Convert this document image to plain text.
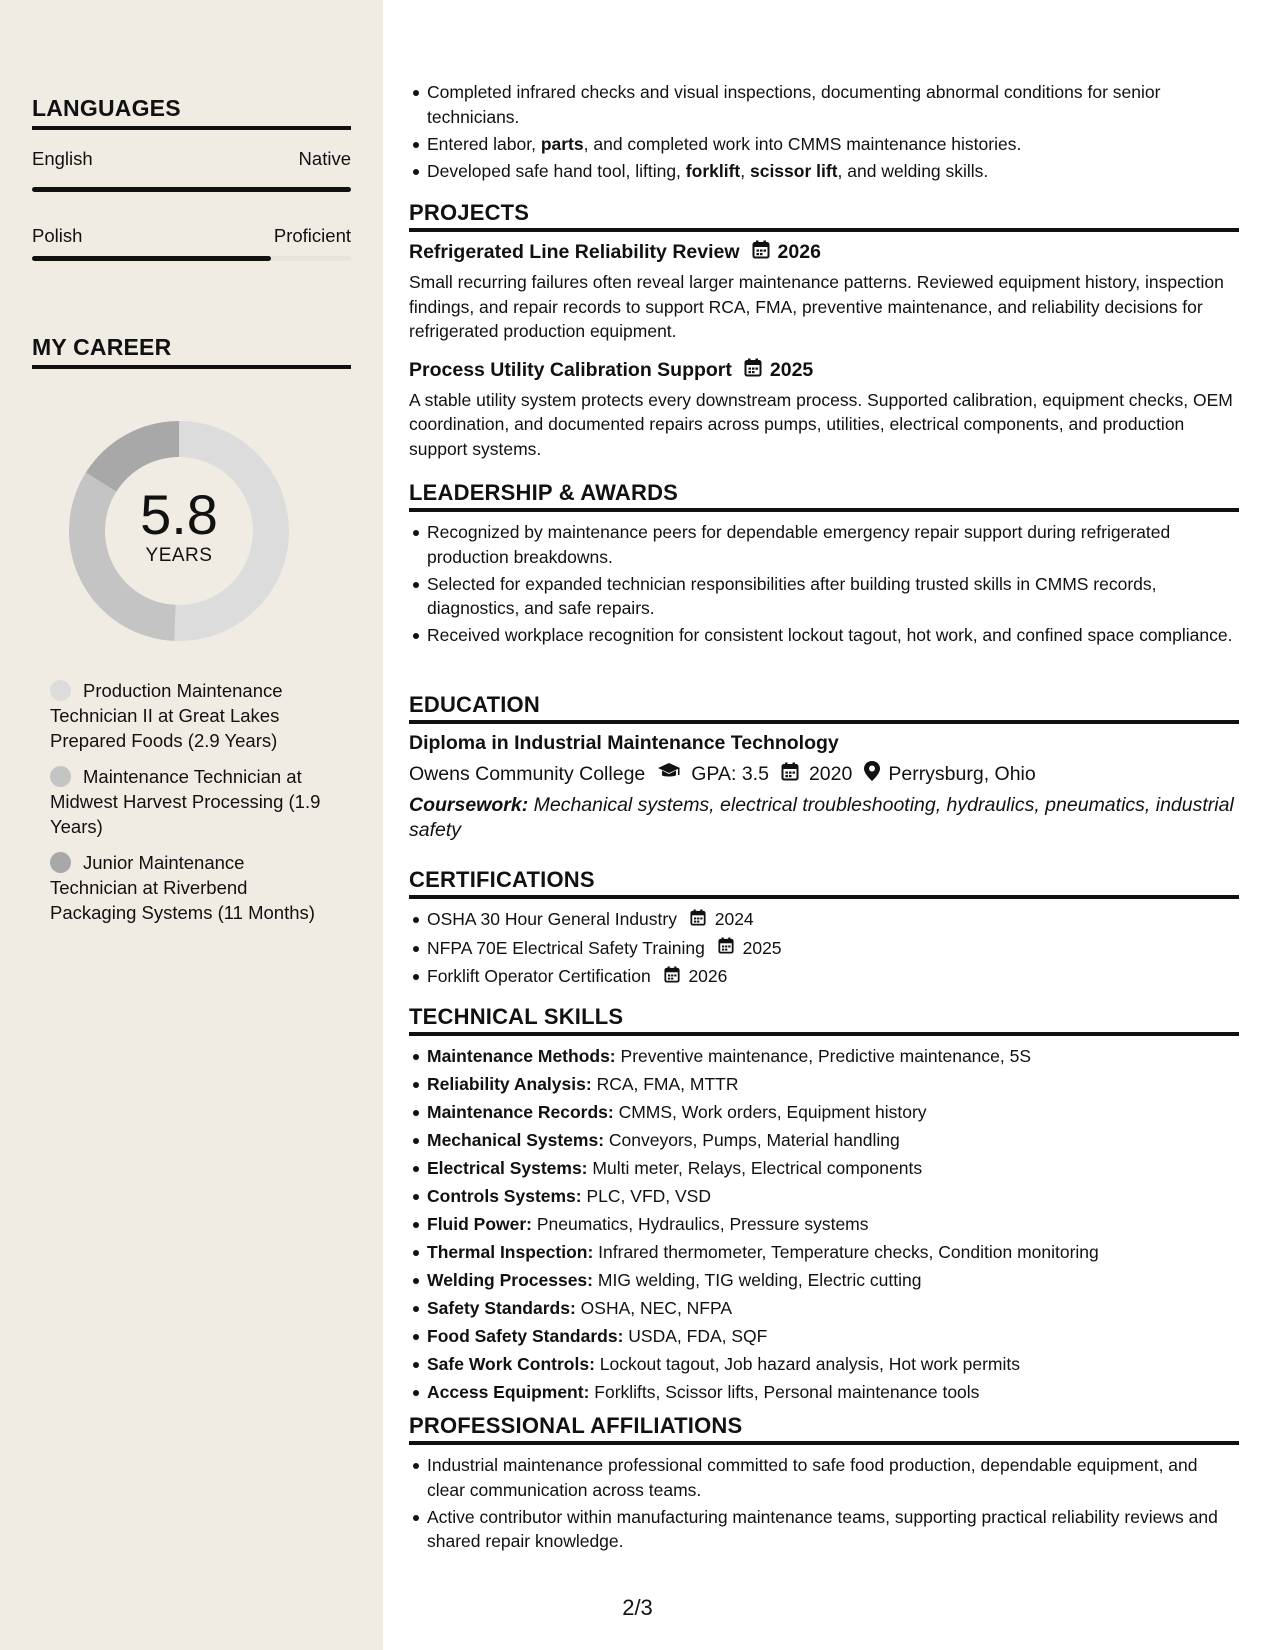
LANGUAGES
English	Native
Polish	Proficient
MY CAREER
5.8
YEARS
Production Maintenance Technician II at Great Lakes Prepared Foods (2.9 Years)
Maintenance Technician at Midwest Harvest Processing (1.9 Years)
Junior Maintenance Technician at Riverbend Packaging Systems (11 Months)
Completed infrared checks and visual inspections, documenting abnormal conditions for senior technicians.
Entered labor, parts, and completed work into CMMS maintenance histories.
Developed safe hand tool, lifting, forklift, scissor lift, and welding skills.
PROJECTS
Refrigerated Line Reliability Review 2026
Small recurring failures often reveal larger maintenance patterns. Reviewed equipment history, inspection findings, and repair records to support RCA, FMA, preventive maintenance, and reliability decisions for refrigerated production equipment.
Process Utility Calibration Support 2025
A stable utility system protects every downstream process. Supported calibration, equipment checks, OEM coordination, and documented repairs across pumps, utilities, electrical components, and production support systems.
LEADERSHIP & AWARDS
Recognized by maintenance peers for dependable emergency repair support during refrigerated production breakdowns.
Selected for expanded technician responsibilities after building trusted skills in CMMS records, diagnostics, and safe repairs.
Received workplace recognition for consistent lockout tagout, hot work, and confined space compliance.
EDUCATION
Diploma in Industrial Maintenance Technology
Owens Community College GPA: 3.5 2020 Perrysburg, Ohio
Coursework: Mechanical systems, electrical troubleshooting, hydraulics, pneumatics, industrial safety
CERTIFICATIONS
OSHA 30 Hour General Industry 2024
NFPA 70E Electrical Safety Training 2025
Forklift Operator Certification 2026
TECHNICAL SKILLS
Maintenance Methods: Preventive maintenance, Predictive maintenance, 5S
Reliability Analysis: RCA, FMA, MTTR
Maintenance Records: CMMS, Work orders, Equipment history
Mechanical Systems: Conveyors, Pumps, Material handling
Electrical Systems: Multi meter, Relays, Electrical components
Controls Systems: PLC, VFD, VSD
Fluid Power: Pneumatics, Hydraulics, Pressure systems
Thermal Inspection: Infrared thermometer, Temperature checks, Condition monitoring
Welding Processes: MIG welding, TIG welding, Electric cutting
Safety Standards: OSHA, NEC, NFPA
Food Safety Standards: USDA, FDA, SQF
Safe Work Controls: Lockout tagout, Job hazard analysis, Hot work permits
Access Equipment: Forklifts, Scissor lifts, Personal maintenance tools
PROFESSIONAL AFFILIATIONS
Industrial maintenance professional committed to safe food production, dependable equipment, and clear communication across teams.
Active contributor within manufacturing maintenance teams, supporting practical reliability reviews and shared repair knowledge.
2/3
